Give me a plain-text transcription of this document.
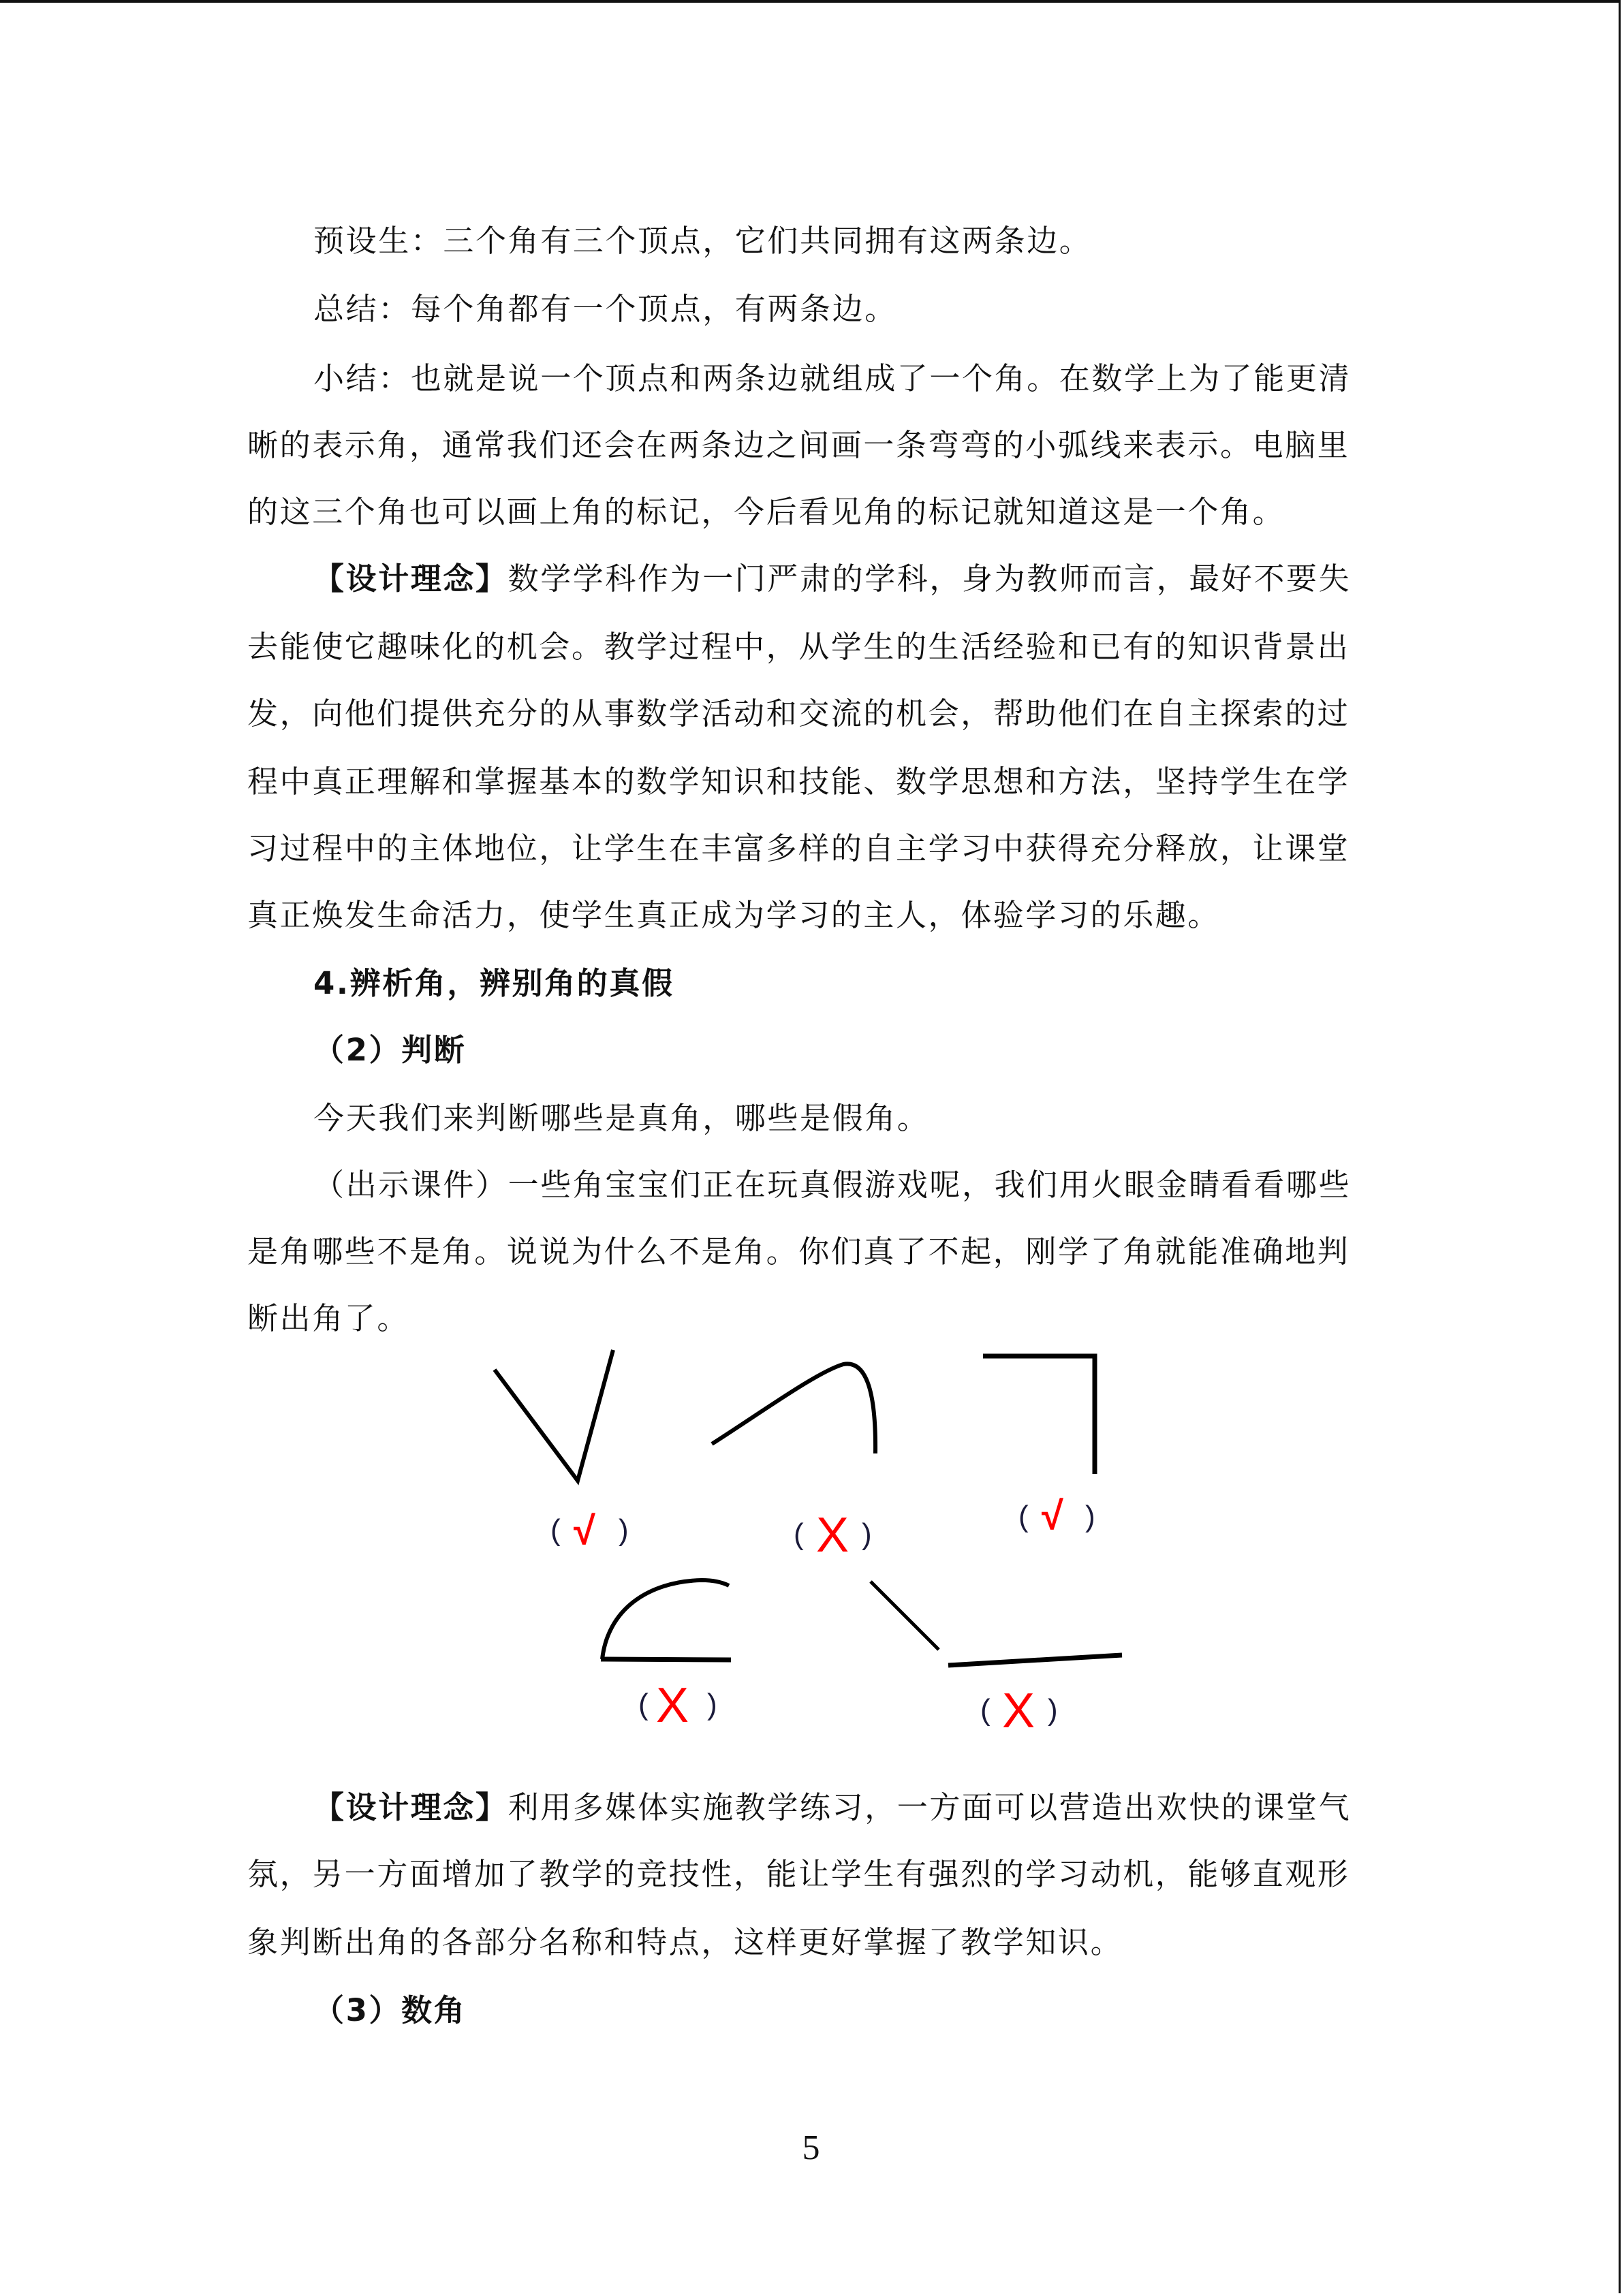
预设生：三个角有三个顶点，它们共同拥有这两条边。
总结：每个角都有一个顶点，有两条边。
小结：也就是说一个顶点和两条边就组成了一个角。在数学上为了能更清
晰的表示角，通常我们还会在两条边之间画一条弯弯的小弧线来表示。电脑里
的这三个角也可以画上角的标记，今后看见角的标记就知道这是一个角。
【设计理念】数学学科作为一门严肃的学科，身为教师而言，最好不要失
去能使它趣味化的机会。教学过程中，从学生的生活经验和已有的知识背景出
发，向他们提供充分的从事数学活动和交流的机会，帮助他们在自主探索的过
程中真正理解和掌握基本的数学知识和技能、数学思想和方法，坚持学生在学
习过程中的主体地位，让学生在丰富多样的自主学习中获得充分释放，让课堂
真正焕发生命活力，使学生真正成为学习的主人，体验学习的乐趣。
4.辨析角，辨别角的真假
（2）判断
今天我们来判断哪些是真角，哪些是假角。
（出示课件）一些角宝宝们正在玩真假游戏呢，我们用火眼金睛看看哪些
是角哪些不是角。说说为什么不是角。你们真了不起，刚学了角就能准确地判
断出角了。
( √ )	( X )
( √ )
( X )	( X )
【设计理念】利用多媒体实施教学练习，一方面可以营造出欢快的课堂气
氛，另一方面增加了教学的竞技性，能让学生有强烈的学习动机，能够直观形
象判断出角的各部分名称和特点，这样更好掌握了教学知识。
（3）数角
5
